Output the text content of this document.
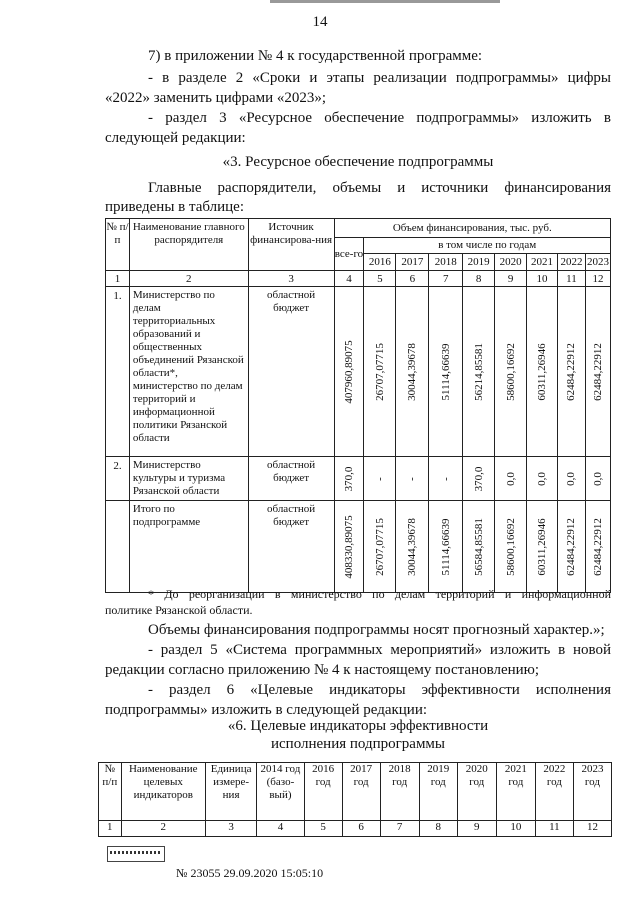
14
7) в приложении № 4 к государственной программе:
- в разделе 2 «Сроки и этапы реализации подпрограммы» цифры
«2022» заменить цифрами «2023»;
- раздел 3 «Ресурсное обеспечение подпрограммы» изложить в
следующей редакции:
«3. Ресурсное обеспечение подпрограммы
Главные распорядители, объемы и источники финансирования
приведены в таблице:
№ п/п	Наименование главного распорядителя	Источник финансирова-ния	Объем финансирования, тыс. руб.								
			все-го	в том числе по годам							
				2016	2017	2018	2019	2020	2021	2022	2023
1	2	3	4	5	6	7	8	9	10	11	12
1.	Министерство по делам территориальных образований и общественных объединений Рязанской области*, министерство по делам территорий и информационной политики Рязанской области	областной бюджет	407960,89075	26707,07715	30044,39678	51114,66639	56214,85581	58600,16692	60311,26946	62484,22912	62484,22912

2.	Министерство культуры и туризма Рязанской области	областной бюджет	370,0	-	-	-	370,0	0,0	0,0	0,0	0,0

	Итого по подпрограмме	областной бюджет	408330,89075	26707,07715	30044,39678	51114,66639	56584,85581	58600,16692	60311,26946	62484,22912	62484,22912
* До реорганизации в министерство по делам территорий и информационной
политике Рязанской области.
Объемы финансирования подпрограммы носят прогнозный характер.»;
- раздел 5 «Система программных мероприятий» изложить в новой
редакции согласно приложению № 4 к настоящему постановлению;
- раздел 6 «Целевые индикаторы эффективности исполнения
подпрограммы» изложить в следующей редакции:
«6. Целевые индикаторы эффективности
исполнения подпрограммы
№ п/п	Наименование целевых индикаторов	Единица измере-ния	2014 год (базо-вый)	2016 год	2017 год	2018 год	2019 год	2020 год	2021 год	2022 год	2023 год
1	2	3	4	5	6	7	8	9	10	11	12
№ 23055 29.09.2020 15:05:10
